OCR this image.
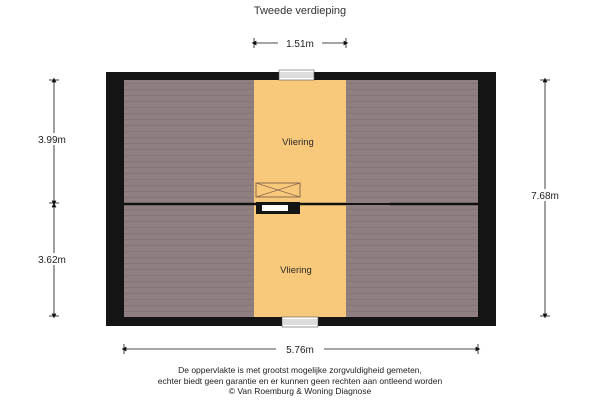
Tweede verdieping
Vliering
Vliering
1.51m
3.99m
3.62m
7.68m
5.76m
De oppervlakte is met grootst mogelijke zorgvuldigheid gemeten,
echter biedt geen garantie en er kunnen geen rechten aan ontleend worden
© Van Roemburg & Woning Diagnose
